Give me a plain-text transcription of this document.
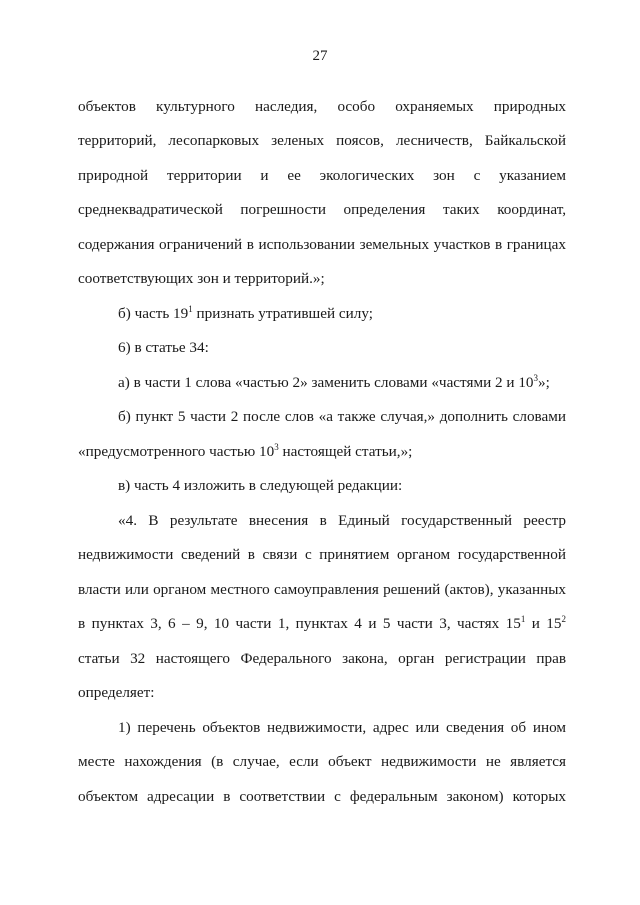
27
объектов культурного наследия, особо охраняемых природных
территорий, лесопарковых зеленых поясов, лесничеств, Байкальской
природной территории и ее экологических зон с указанием
среднеквадратической погрешности определения таких координат,
содержания ограничений в использовании земельных участков в границах
соответствующих зон и территорий.»;
б) часть $19^1$ признать утратившей силу;
6) в статье 34:
а) в части 1 слова «частью 2» заменить словами «частями 2 и $10^3$»;
б) пункт 5 части 2 после слов «а также случая,» дополнить словами
«предусмотренного частью $10^3$ настоящей статьи,»;
в) часть 4 изложить в следующей редакции:
«4. В результате внесения в Единый государственный реестр
недвижимости сведений в связи с принятием органом государственной
власти или органом местного самоуправления решений (актов), указанных
в пунктах 3, 6 – 9, 10 части 1, пунктах 4 и 5 части 3, частях $15^1$ и $15^2$
статьи 32 настоящего Федерального закона, орган регистрации прав
определяет:
1) перечень объектов недвижимости, адрес или сведения об ином
месте нахождения (в случае, если объект недвижимости не является
объектом адресации в соответствии с федеральным законом) которых
